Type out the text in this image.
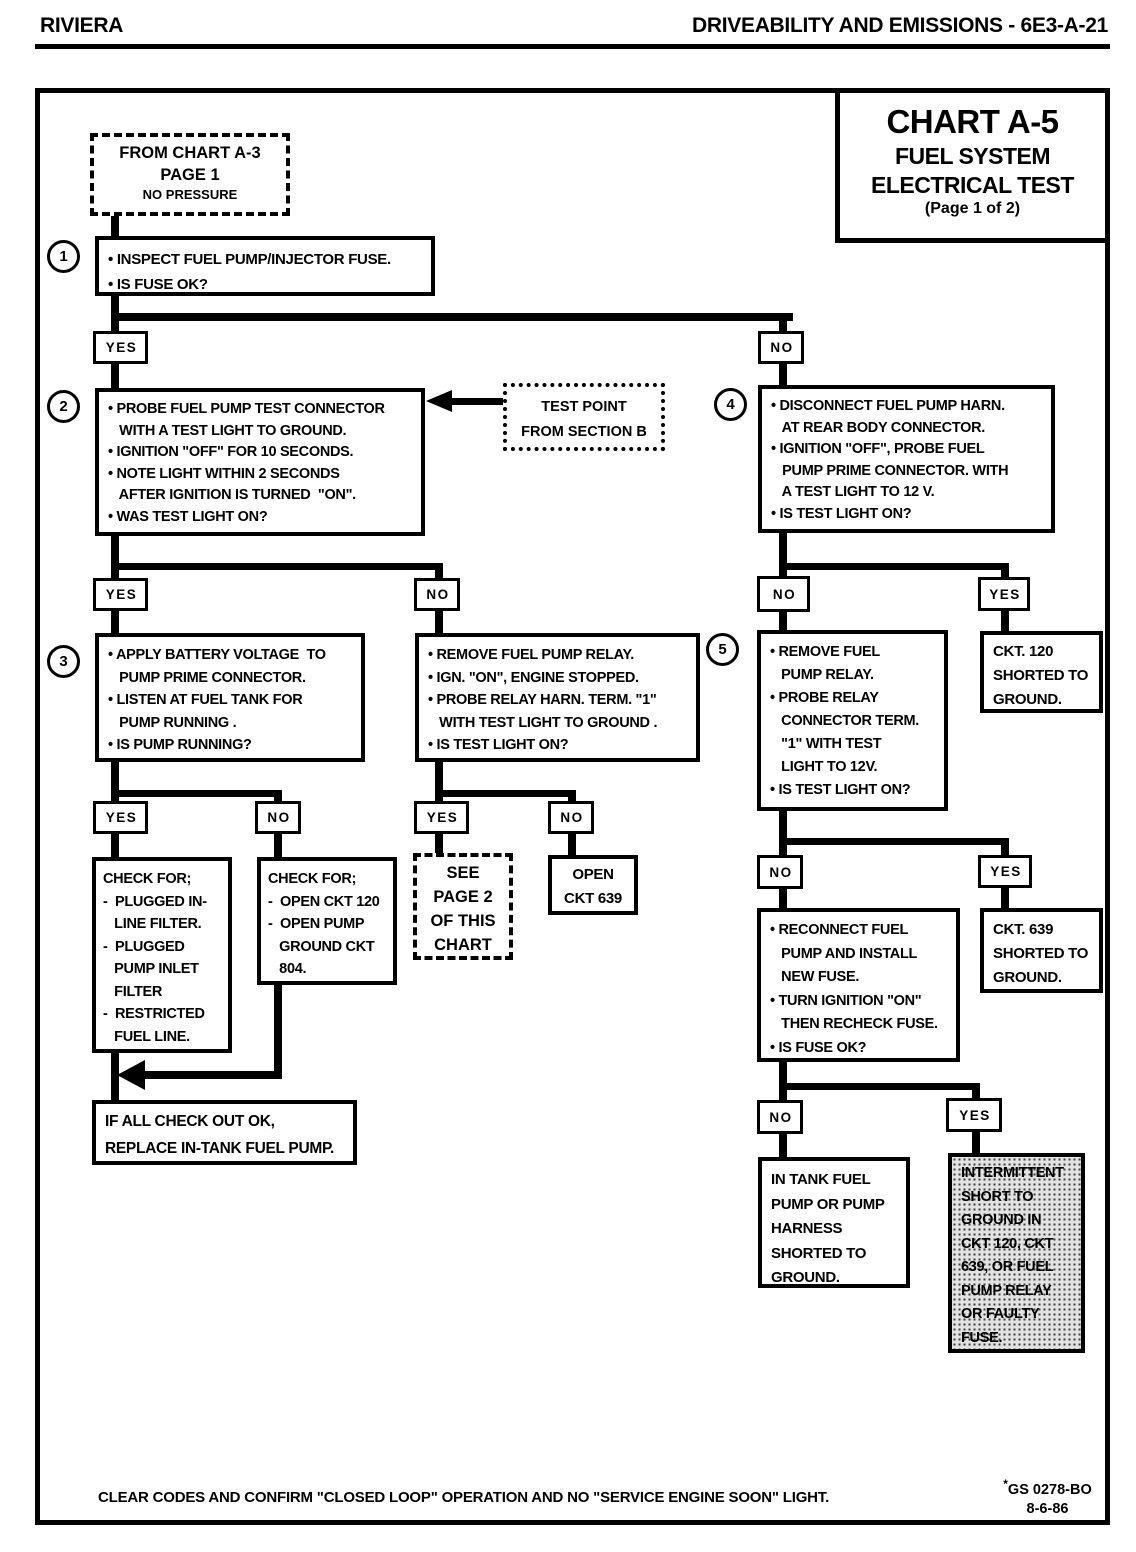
RIVIERA	DRIVEABILITY AND EMISSIONS - 6E3-A-21
CHART A-5
FUEL SYSTEM
ELECTRICAL TEST
(Page 1 of 2)
1
2
3
4
5
FROM CHART A-3
PAGE 1
NO PRESSURE
• INSPECT FUEL PUMP/INJECTOR FUSE.
• IS FUSE OK?
YES	NO
• PROBE FUEL PUMP TEST CONNECTOR
WITH A TEST LIGHT TO GROUND.
• IGNITION "OFF" FOR 10 SECONDS.
• NOTE LIGHT WITHIN 2 SECONDS
AFTER IGNITION IS TURNED  "ON".
• WAS TEST LIGHT ON?
TEST POINT
FROM SECTION B
• DISCONNECT FUEL PUMP HARN.
AT REAR BODY CONNECTOR.
• IGNITION "OFF", PROBE FUEL
PUMP PRIME CONNECTOR. WITH
A TEST LIGHT TO 12 V.
• IS TEST LIGHT ON?
YES	NO	NO	YES
• APPLY BATTERY VOLTAGE  TO
PUMP PRIME CONNECTOR.
• LISTEN AT FUEL TANK FOR
PUMP RUNNING .
• IS PUMP RUNNING?
• REMOVE FUEL PUMP RELAY.
• IGN. "ON", ENGINE STOPPED.
• PROBE RELAY HARN. TERM. "1"
WITH TEST LIGHT TO GROUND .
• IS TEST LIGHT ON?
• REMOVE FUEL
PUMP RELAY.
• PROBE RELAY
CONNECTOR TERM.
"1" WITH TEST
LIGHT TO 12V.
• IS TEST LIGHT ON?
CKT. 120
SHORTED TO
GROUND.
YES	NO	YES	NO
CHECK FOR;
-  PLUGGED IN-
LINE FILTER.
-  PLUGGED
PUMP INLET
FILTER
-  RESTRICTED
FUEL LINE.
CHECK FOR;
-  OPEN CKT 120
-  OPEN PUMP
GROUND CKT
804.
SEE
PAGE 2
OF THIS
CHART
OPEN
CKT 639
NO	YES
• RECONNECT FUEL
PUMP AND INSTALL
NEW FUSE.
• TURN IGNITION "ON"
THEN RECHECK FUSE.
• IS FUSE OK?
CKT. 639
SHORTED TO
GROUND.
IF ALL CHECK OUT OK,
REPLACE IN-TANK FUEL PUMP.
NO	YES
IN TANK FUEL
PUMP OR PUMP
HARNESS
SHORTED TO
GROUND.
INTERMITTENT
SHORT TO
GROUND IN
CKT 120, CKT
639, OR FUEL
PUMP RELAY
OR FAULTY
FUSE.
CLEAR CODES AND CONFIRM "CLOSED LOOP" OPERATION AND NO "SERVICE ENGINE SOON" LIGHT.
*GS 0278-BO
8-6-86
